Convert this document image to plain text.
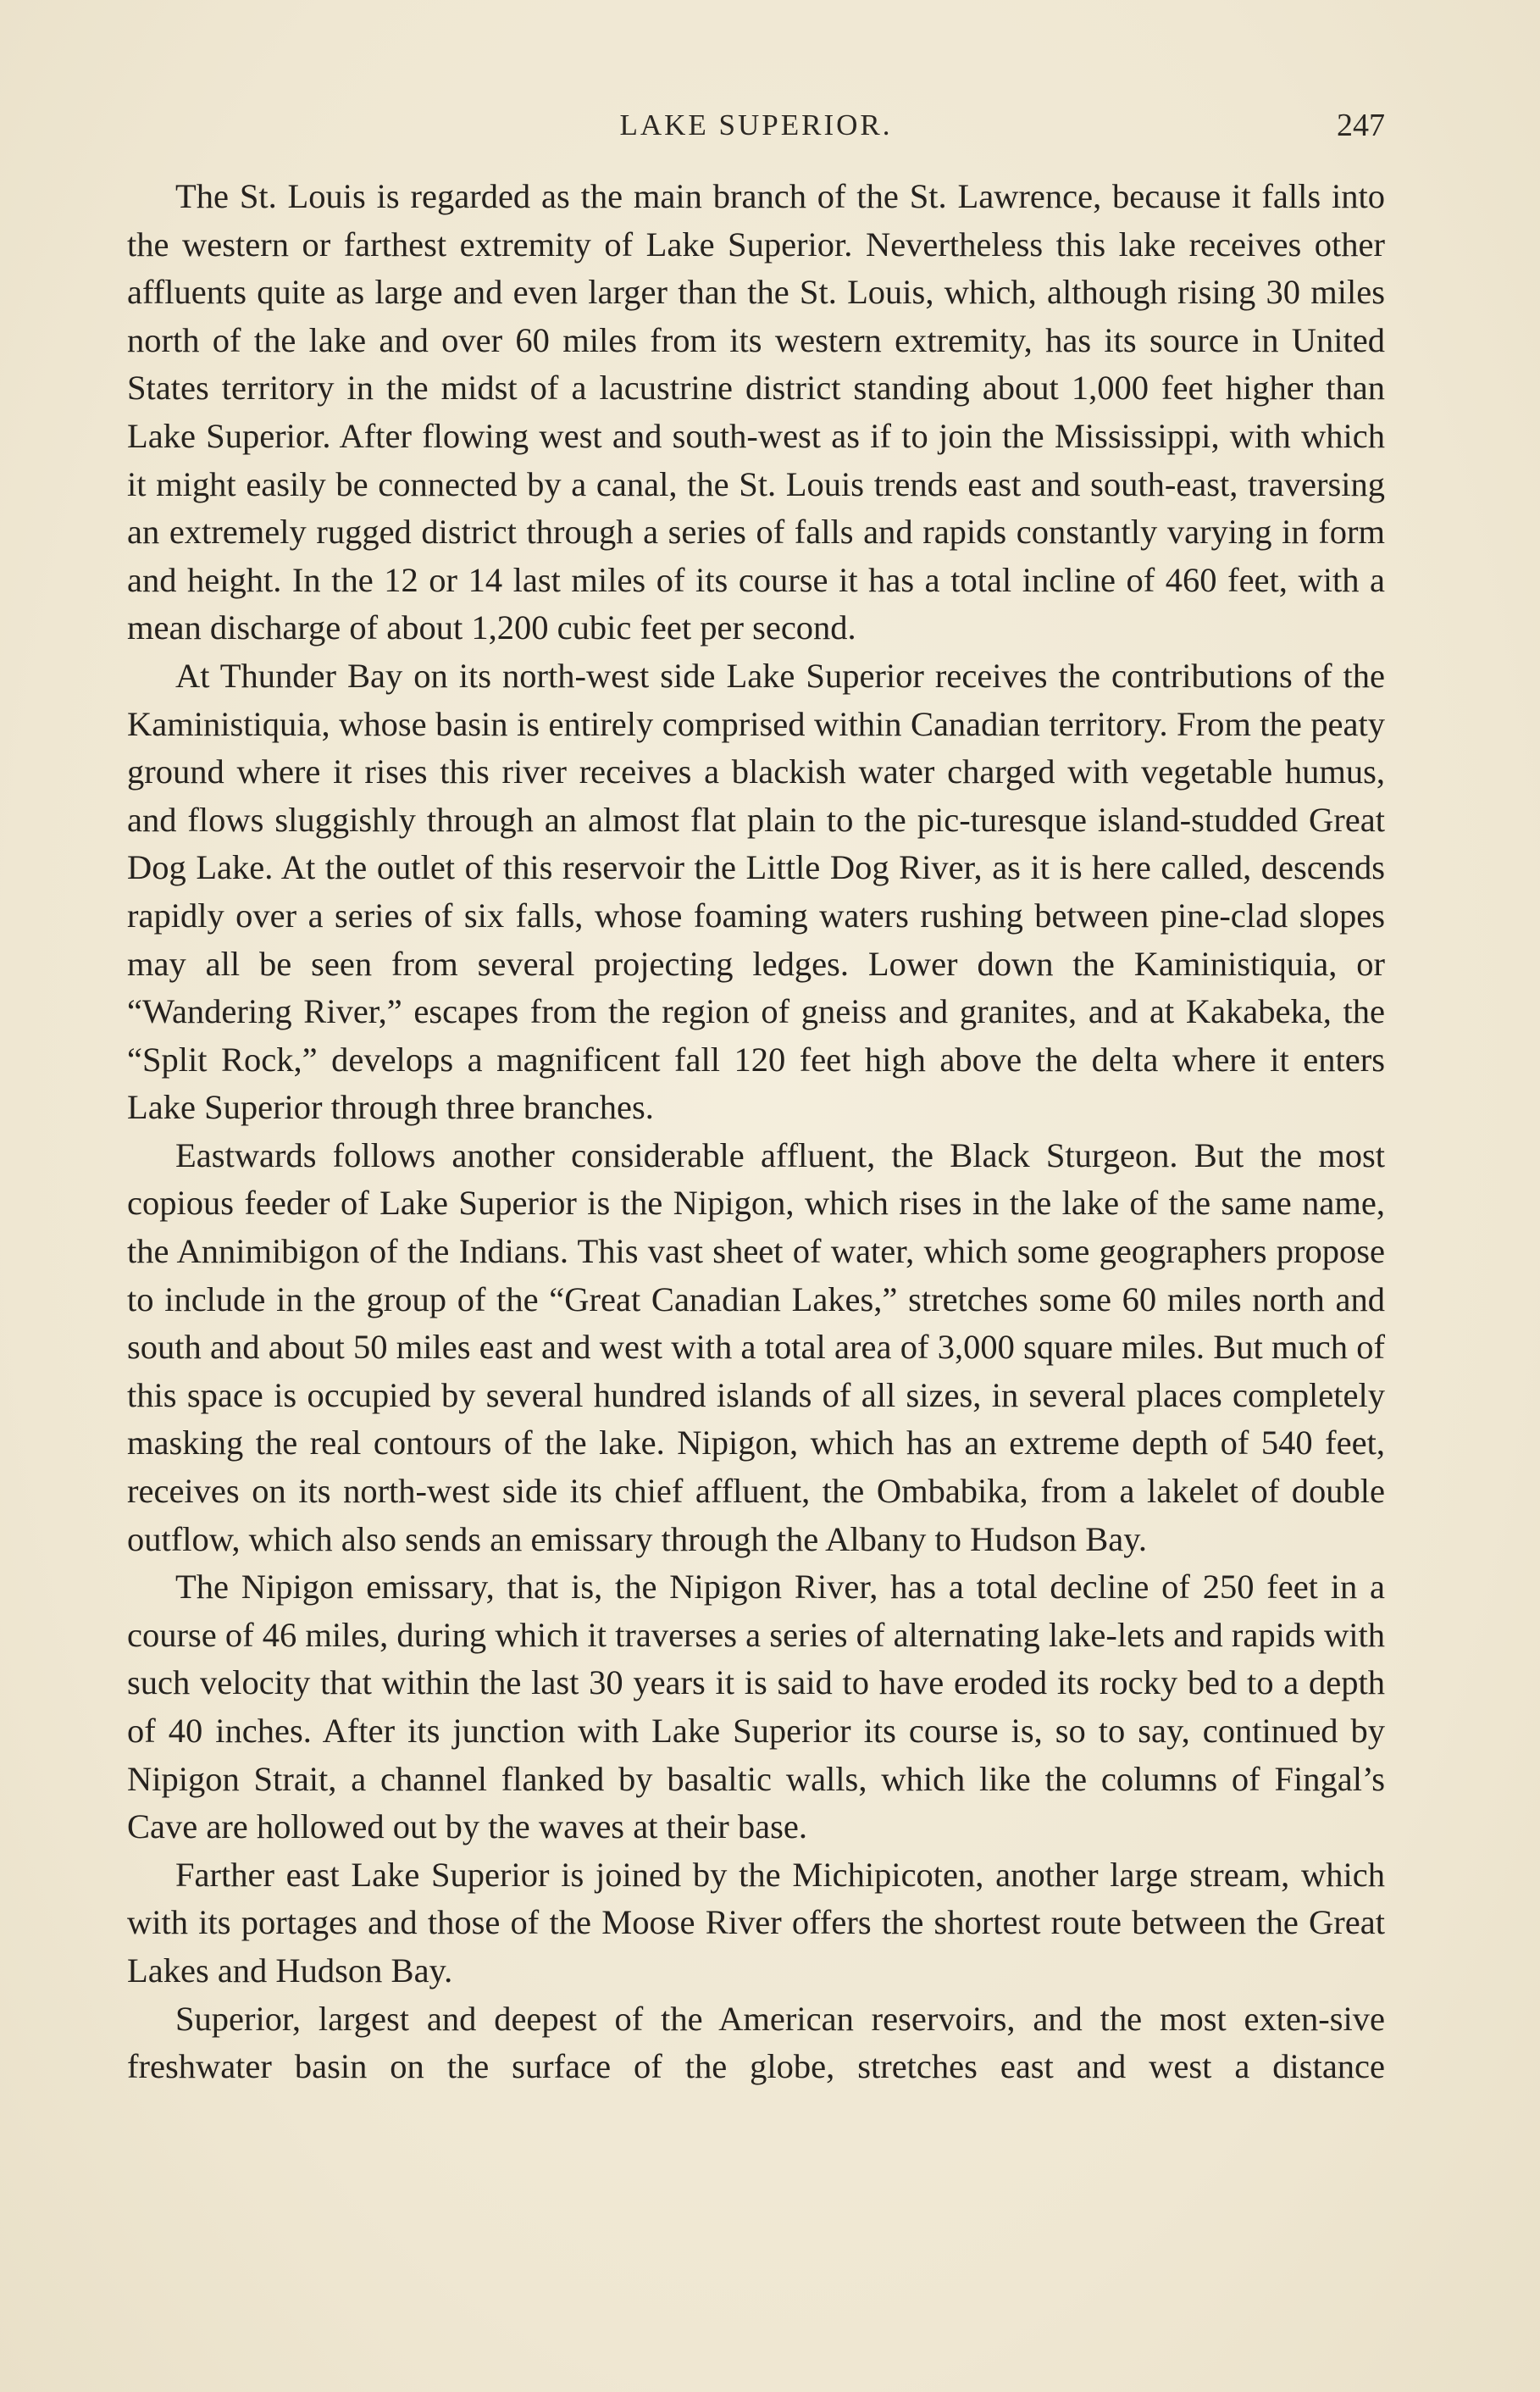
LAKE SUPERIOR.	247

The St. Louis is regarded as the main branch of the St. Lawrence, because it falls into the western or farthest extremity of Lake Superior. Nevertheless this lake receives other affluents quite as large and even larger than the St. Louis, which, although rising 30 miles north of the lake and over 60 miles from its western extremity, has its source in United States territory in the midst of a lacustrine district standing about 1,000 feet higher than Lake Superior. After flowing west and south-west as if to join the Mississippi, with which it might easily be connected by a canal, the St. Louis trends east and south-east, traversing an extremely rugged district through a series of falls and rapids constantly varying in form and height. In the 12 or 14 last miles of its course it has a total incline of 460 feet, with a mean discharge of about 1,200 cubic feet per second.

At Thunder Bay on its north-west side Lake Superior receives the contributions of the Kaministiquia, whose basin is entirely comprised within Canadian territory. From the peaty ground where it rises this river receives a blackish water charged with vegetable humus, and flows sluggishly through an almost flat plain to the pic-turesque island-studded Great Dog Lake. At the outlet of this reservoir the Little Dog River, as it is here called, descends rapidly over a series of six falls, whose foaming waters rushing between pine-clad slopes may all be seen from several projecting ledges. Lower down the Kaministiquia, or “Wandering River,” escapes from the region of gneiss and granites, and at Kakabeka, the “Split Rock,” develops a magnificent fall 120 feet high above the delta where it enters Lake Superior through three branches.

Eastwards follows another considerable affluent, the Black Sturgeon. But the most copious feeder of Lake Superior is the Nipigon, which rises in the lake of the same name, the Annimibigon of the Indians. This vast sheet of water, which some geographers propose to include in the group of the “Great Canadian Lakes,” stretches some 60 miles north and south and about 50 miles east and west with a total area of 3,000 square miles. But much of this space is occupied by several hundred islands of all sizes, in several places completely masking the real contours of the lake. Nipigon, which has an extreme depth of 540 feet, receives on its north-west side its chief affluent, the Ombabika, from a lakelet of double outflow, which also sends an emissary through the Albany to Hudson Bay.

The Nipigon emissary, that is, the Nipigon River, has a total decline of 250 feet in a course of 46 miles, during which it traverses a series of alternating lake-lets and rapids with such velocity that within the last 30 years it is said to have eroded its rocky bed to a depth of 40 inches. After its junction with Lake Superior its course is, so to say, continued by Nipigon Strait, a channel flanked by basaltic walls, which like the columns of Fingal’s Cave are hollowed out by the waves at their base.

Farther east Lake Superior is joined by the Michipicoten, another large stream, which with its portages and those of the Moose River offers the shortest route between the Great Lakes and Hudson Bay.

Superior, largest and deepest of the American reservoirs, and the most exten-sive freshwater basin on the surface of the globe, stretches east and west a distance
